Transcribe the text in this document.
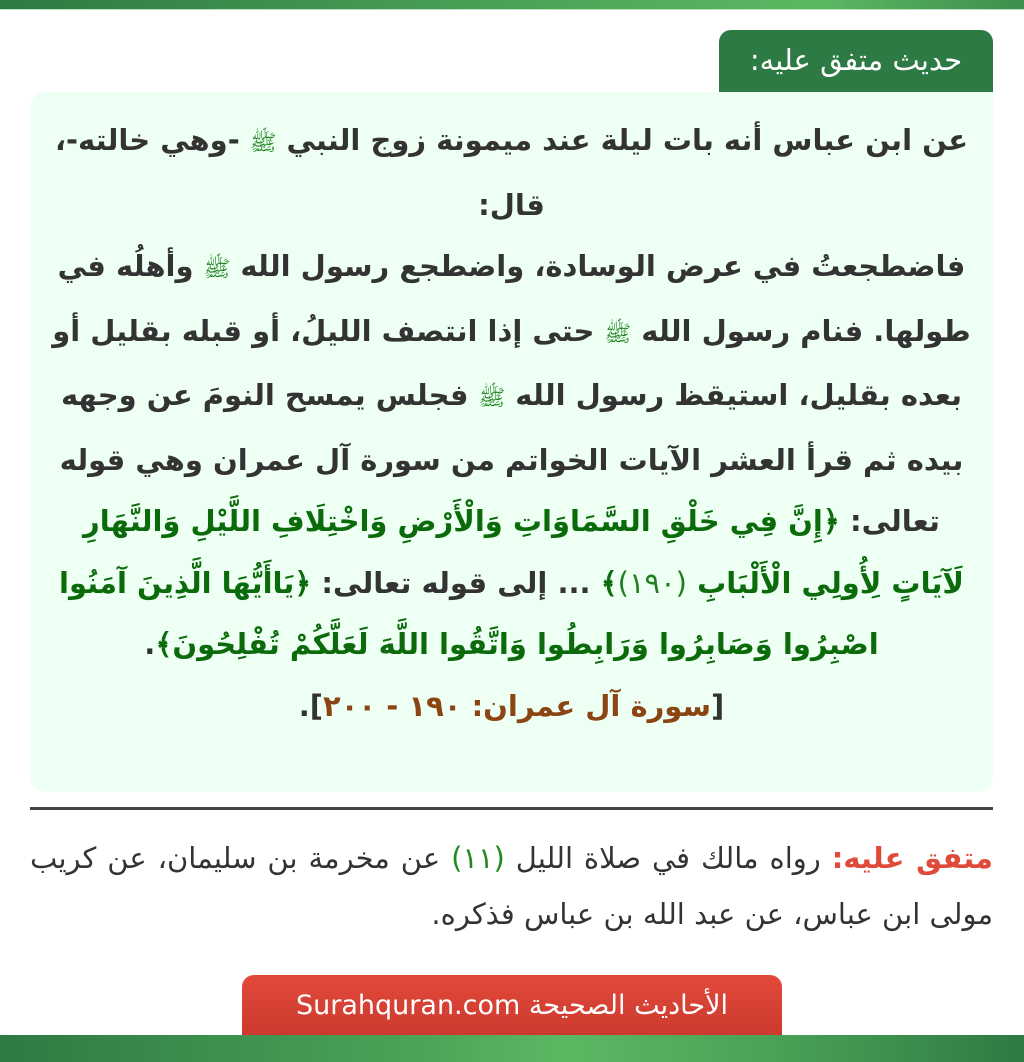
حديث متفق عليه:

عن ابن عباس أنه بات ليلة عند ميمونة زوج النبي ﷺ -وهي خالته-، قال:
فاضطجعتُ في عرض الوسادة، واضطجع رسول الله ﷺ وأهلُه في طولها. فنام رسول الله ﷺ حتى إذا انتصف الليلُ، أو قبله بقليل أو بعده بقليل، استيقظ رسول الله ﷺ فجلس يمسح النومَ عن وجهه بيده ثم قرأ العشر الآيات الخواتم من سورة آل عمران وهي قوله تعالى: ﴿إِنَّ فِي خَلْقِ السَّمَاوَاتِ وَالْأَرْضِ وَاخْتِلَافِ اللَّيْلِ وَالنَّهَارِ لَآيَاتٍ لِأُولِي الْأَلْبَابِ (١٩٠)﴾ ... إلى قوله تعالى: ﴿يَاأَيُّهَا الَّذِينَ آمَنُوا اصْبِرُوا وَصَابِرُوا وَرَابِطُوا وَاتَّقُوا اللَّهَ لَعَلَّكُمْ تُفْلِحُونَ﴾.
[سورة آل عمران: ١٩٠ - ٢٠٠].

متفق عليه: رواه مالك في صلاة الليل (١١) عن مخرمة بن سليمان، عن كريب مولى ابن عباس، عن عبد الله بن عباس فذكره.

الأحاديث الصحيحة Surahquran.com
